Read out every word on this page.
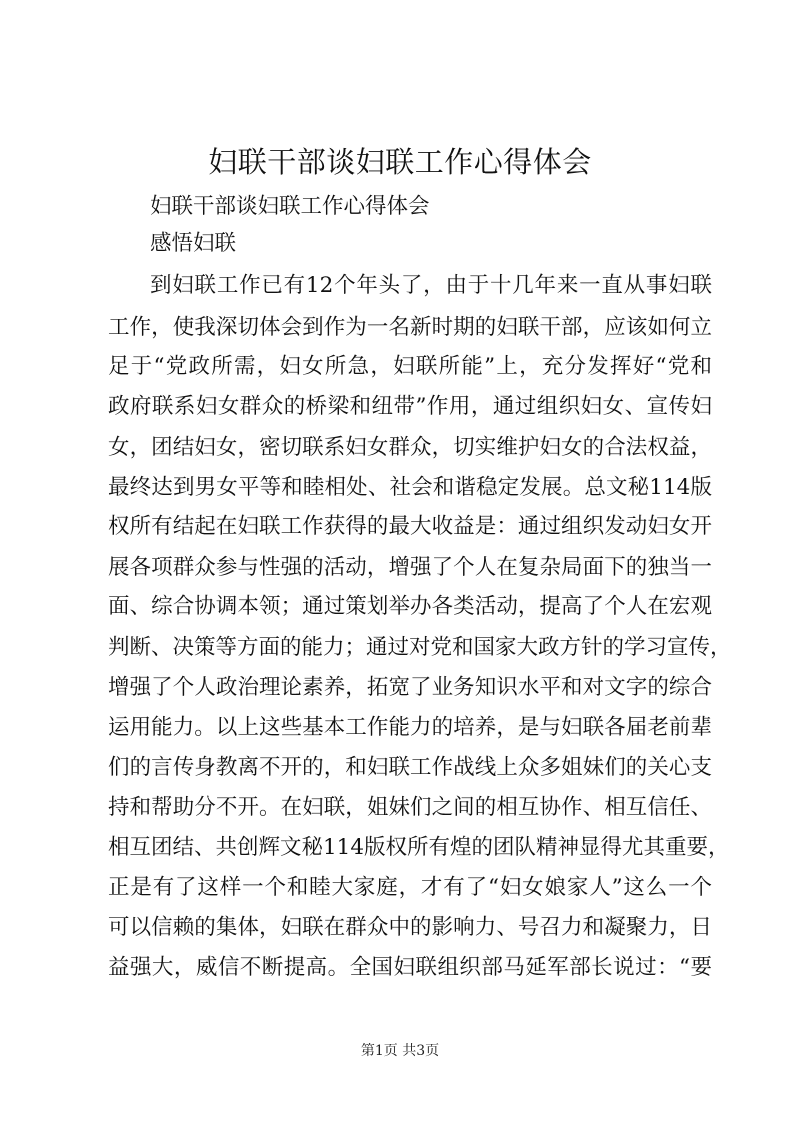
妇联干部谈妇联工作心得体会
妇联干部谈妇联工作心得体会
感悟妇联
到妇联工作已有12个年头了，由于十几年来一直从事妇联
工作，使我深切体会到作为一名新时期的妇联干部，应该如何立
足于“党政所需，妇女所急，妇联所能”上，充分发挥好“党和
政府联系妇女群众的桥梁和纽带”作用，通过组织妇女、宣传妇
女，团结妇女，密切联系妇女群众，切实维护妇女的合法权益，
最终达到男女平等和睦相处、社会和谐稳定发展。总文秘114版
权所有结起在妇联工作获得的最大收益是：通过组织发动妇女开
展各项群众参与性强的活动，增强了个人在复杂局面下的独当一
面、综合协调本领；通过策划举办各类活动，提高了个人在宏观
判断、决策等方面的能力；通过对党和国家大政方针的学习宣传，
增强了个人政治理论素养，拓宽了业务知识水平和对文字的综合
运用能力。以上这些基本工作能力的培养，是与妇联各届老前辈
们的言传身教离不开的，和妇联工作战线上众多姐妹们的关心支
持和帮助分不开。在妇联，姐妹们之间的相互协作、相互信任、
相互团结、共创辉文秘114版权所有煌的团队精神显得尤其重要，
正是有了这样一个和睦大家庭，才有了“妇女娘家人”这么一个
可以信赖的集体，妇联在群众中的影响力、号召力和凝聚力，日
益强大，威信不断提高。全国妇联组织部马延军部长说过：“要
第1页 共3页
